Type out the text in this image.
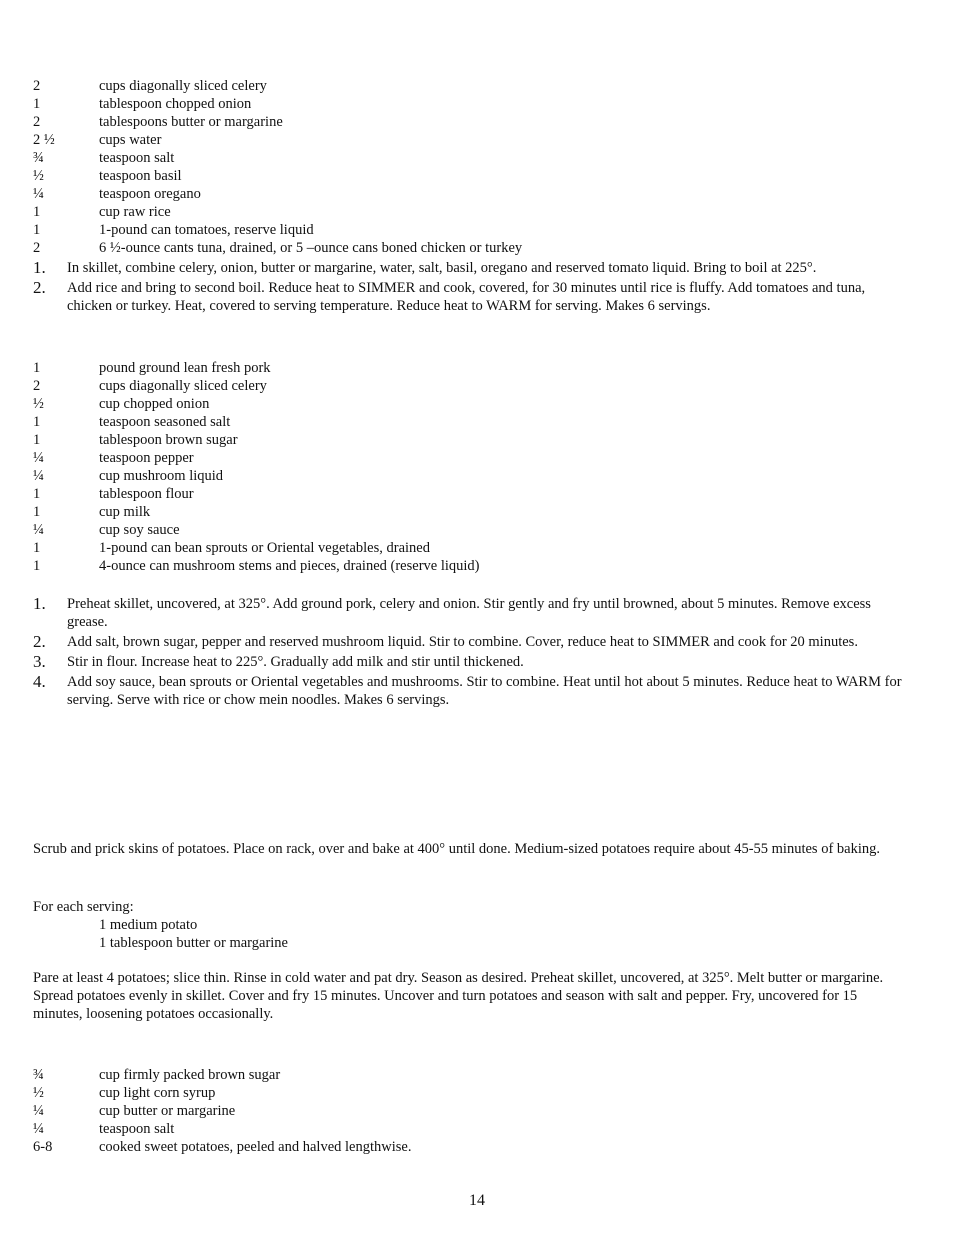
2	cups diagonally sliced celery
1	tablespoon chopped onion
2	tablespoons butter or margarine
2 ½	cups water
¾	teaspoon salt
½	teaspoon basil
¼	teaspoon oregano
1	cup raw rice
1	1-pound can tomatoes, reserve liquid
2	6 ½-ounce cants tuna, drained, or 5 –ounce cans boned chicken or turkey
1.	In skillet, combine celery, onion, butter or margarine, water, salt, basil, oregano and reserved tomato liquid. Bring to boil at 225°.
2.	Add rice and bring to second boil. Reduce heat to SIMMER and cook, covered, for 30 minutes until rice is fluffy. Add tomatoes and tuna, chicken or turkey. Heat, covered to serving temperature. Reduce heat to WARM for serving. Makes 6 servings.
1	pound ground lean fresh pork
2	cups diagonally sliced celery
½	cup chopped onion
1	teaspoon seasoned salt
1	tablespoon brown sugar
¼	teaspoon pepper
¼	cup mushroom liquid
1	tablespoon flour
1	cup milk
¼	cup soy sauce
1	1-pound can bean sprouts or Oriental vegetables, drained
1	4-ounce can mushroom stems and pieces, drained (reserve liquid)
1.	Preheat skillet, uncovered, at 325°. Add ground pork, celery and onion. Stir gently and fry until browned, about 5 minutes. Remove excess grease.
2.	Add salt, brown sugar, pepper and reserved mushroom liquid. Stir to combine. Cover, reduce heat to SIMMER and cook for 20 minutes.
3.	Stir in flour. Increase heat to 225°. Gradually add milk and stir until thickened.
4.	Add soy sauce, bean sprouts or Oriental vegetables and mushrooms. Stir to combine. Heat until hot about 5 minutes. Reduce heat to WARM for serving. Serve with rice or chow mein noodles. Makes 6 servings.

Scrub and prick skins of potatoes. Place on rack, over and bake at 400° until done. Medium-sized potatoes require about 45-55 minutes of baking.

For each serving:
1 medium potato
1 tablespoon butter or margarine

Pare at least 4 potatoes; slice thin. Rinse in cold water and pat dry. Season as desired. Preheat skillet, uncovered, at 325°. Melt butter or margarine. Spread potatoes evenly in skillet. Cover and fry 15 minutes. Uncover and turn potatoes and season with salt and pepper. Fry, uncovered for 15 minutes, loosening potatoes occasionally.

¾	cup firmly packed brown sugar
½	cup light corn syrup
¼	cup butter or margarine
¼	teaspoon salt
6-8	cooked sweet potatoes, peeled and halved lengthwise.
14
